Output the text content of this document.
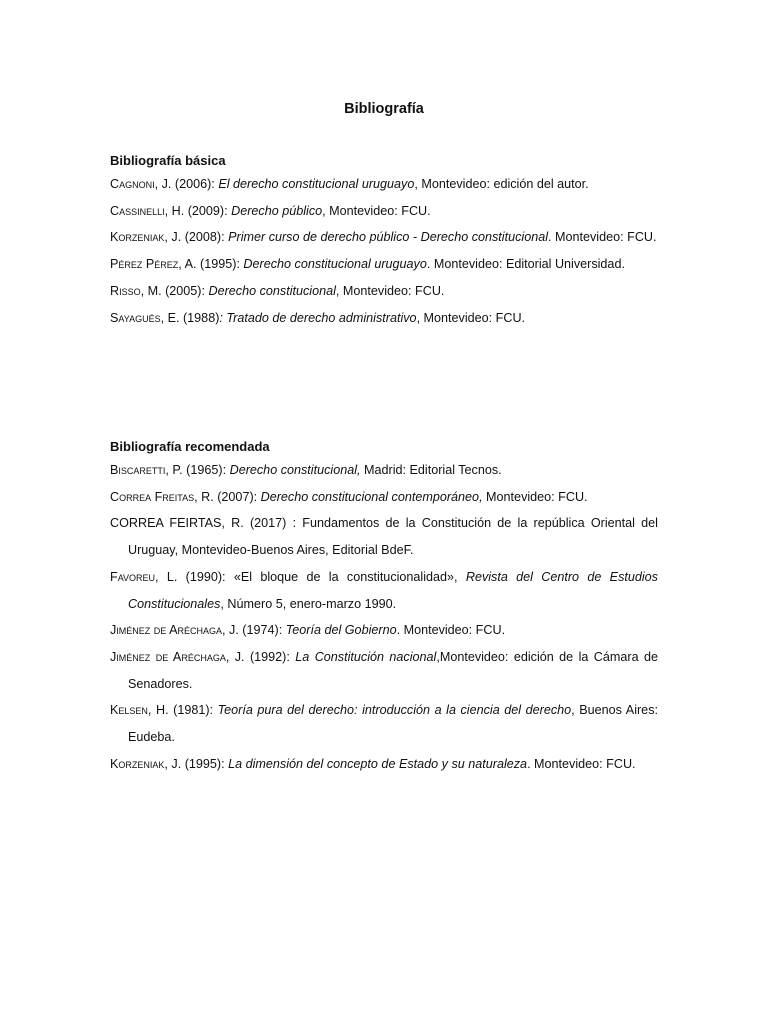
Bibliografía

Bibliografía básica

Cagnoni, J. (2006): El derecho constitucional uruguayo, Montevideo: edición del autor.

Cassinelli, H. (2009): Derecho público, Montevideo: FCU.

Korzeniak, J. (2008): Primer curso de derecho público - Derecho constitucional. Montevideo: FCU.

Pérez Pérez, A. (1995): Derecho constitucional uruguayo. Montevideo: Editorial Universidad.

Risso, M. (2005): Derecho constitucional, Montevideo: FCU.

Sayagués, E. (1988): Tratado de derecho administrativo, Montevideo: FCU.

Bibliografía recomendada

Biscaretti, P. (1965): Derecho constitucional, Madrid: Editorial Tecnos.

Correa Freitas, R. (2007): Derecho constitucional contemporáneo, Montevideo: FCU.

CORREA FEIRTAS, R. (2017) : Fundamentos de la Constitución de la república Oriental del Uruguay, Montevideo-Buenos Aires, Editorial BdeF.

Favoreu, L. (1990): «El bloque de la constitucionalidad», Revista del Centro de Estudios Constitucionales, Número 5, enero-marzo 1990.

Jiménez de Aréchaga, J. (1974): Teoría del Gobierno. Montevideo: FCU.

Jiménez de Aréchaga, J. (1992): La Constitución nacional,Montevideo: edición de la Cámara de Senadores.

Kelsen, H. (1981): Teoría pura del derecho: introducción a la ciencia del derecho, Buenos Aires: Eudeba.

Korzeniak, J. (1995): La dimensión del concepto de Estado y su naturaleza. Montevideo: FCU.
